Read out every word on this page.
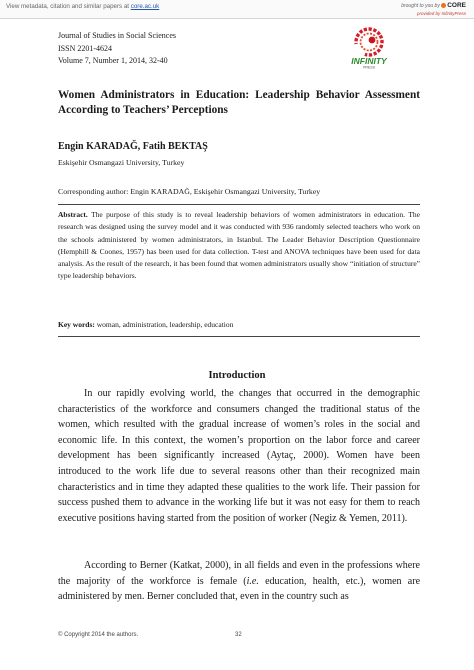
View metadata, citation and similar papers at core.ac.uk	brought to you by CORE
provided by InfinityPress
Journal of Studies in Social Sciences
ISSN 2201-4624
Volume 7, Number 1, 2014, 32-40	INFINITY
PRESS
Women Administrators in Education: Leadership Behavior Assessment According to Teachers’ Perceptions
Engin KARADAĞ, Fatih BEKTAŞ
Eskişehir Osmangazi University, Turkey
Corresponding author: Engin KARADAĞ, Eskişehir Osmangazi University, Turkey
Abstract. The purpose of this study is to reveal leadership behaviors of women administrators in education. The research was designed using the survey model and it was conducted with 936 randomly selected teachers who work on the schools administered by women administrators, in Istanbul. The Leader Behavior Description Questionnaire (Hemphill & Coones, 1957) has been used for data collection. T-test and ANOVA techniques have been used for data analysis. As the result of the research, it has been found that women administrators usually show “initiation of structure” type leadership behaviors.
Key words: woman, administration, leadership, education
Introduction

In our rapidly evolving world, the changes that occurred in the demographic characteristics of the workforce and consumers changed the traditional status of the women, which resulted with the gradual increase of women’s roles in the social and economic life. In this context, the women’s proportion on the labor force and career development has been significantly increased (Aytaç, 2000). Women have been introduced to the work life due to several reasons other than their recognized main characteristics and in time they adapted these qualities to the work life. Their passion for success pushed them to advance in the working life but it was not easy for them to reach executive positions having started from the position of worker (Negiz & Yemen, 2011).

According to Berner (Katkat, 2000), in all fields and even in the professions where the majority of the workforce is female (i.e. education, health, etc.), women are administered by men. Berner concluded that, even in the country such as

© Copyright 2014 the authors.	32
